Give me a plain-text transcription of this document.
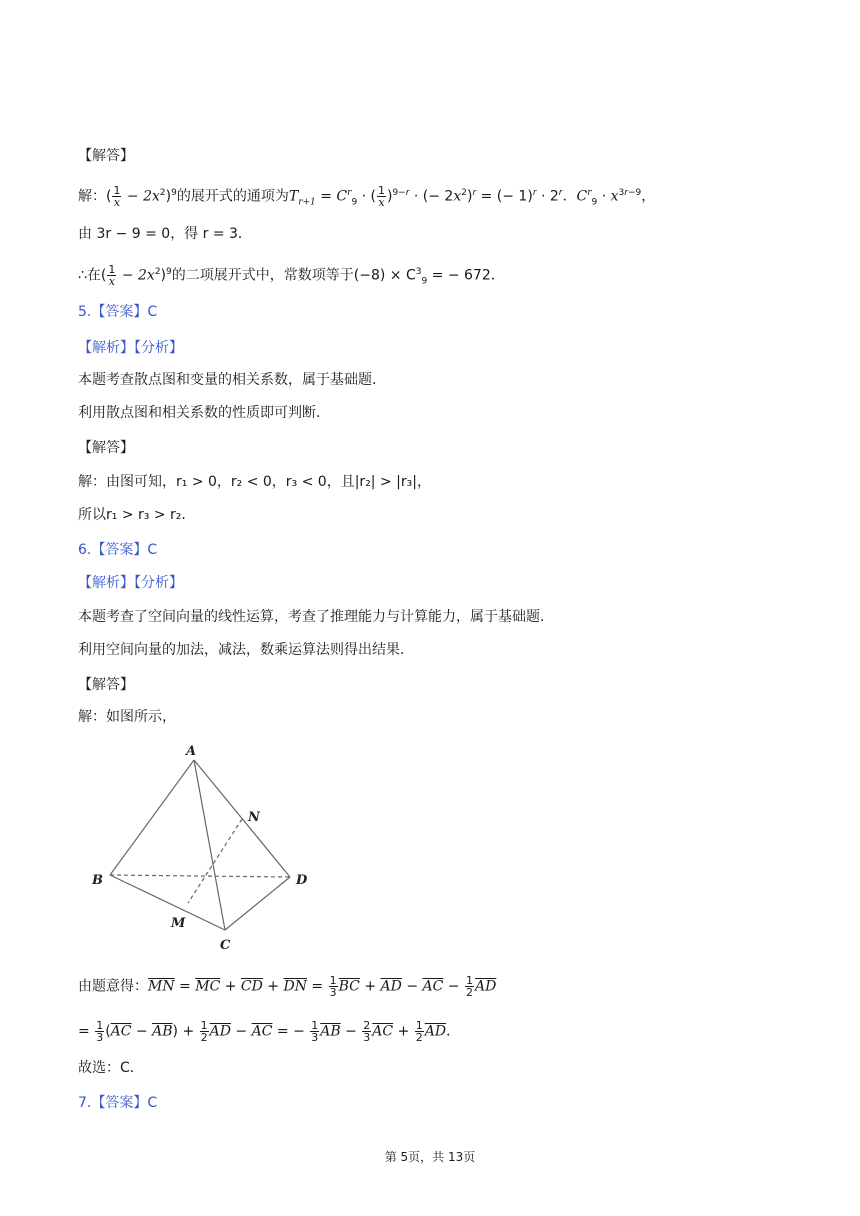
【解答】
解：( $\frac{1}{x} - 2x^2)^9$的展开式的通项为$T_{r+1} = C^r_9$ · ( $\frac{1}{x} )^{9-r}$ · (− $2x^2)^r$ = (− $1)^r \cdot 2^r$．$C^r_9 \cdot x^{3r-9}$，
由 3r − 9 = 0，得 r = 3．
∴在( $\frac{1}{x} - 2x^2)^9$的二项展开式中，常数项等于$(-8) \times C^3_9$ = − 672．
5.【答案】C
【解析】【分析】
本题考查散点图和变量的相关系数，属于基础题．
利用散点图和相关系数的性质即可判断．
【解答】
解：由图可知，r₁ > 0，r₂ < 0，r₃ < 0，且|r₂| > |r₃|，
所以r₁ > r₃ > r₂．
6.【答案】C
【解析】【分析】
本题考查了空间向量的线性运算，考查了推理能力与计算能力，属于基础题．
利用空间向量的加法，减法，数乘运算法则得出结果．
【解答】
解：如图所示，
A
B
C
D
M
N
由题意得：$\overline{MN} = \overline{MC} + \overline{CD} + \overline{DN} = \frac{1}{3} \overline{BC} + \overline{AD} - \overline{AC} - \frac{1}{2} \overline{AD}$
= $\frac{1}{3} (\overline{AC} - \overline{AB}) + \frac{1}{2} \overline{AD} - \overline{AC}$ = − $\frac{1}{3} \overline{AB} - \frac{2}{3} \overline{AC} + \frac{1}{2} \overline{AD}$．
故选：C．
7.【答案】C
第 5页，共 13页
